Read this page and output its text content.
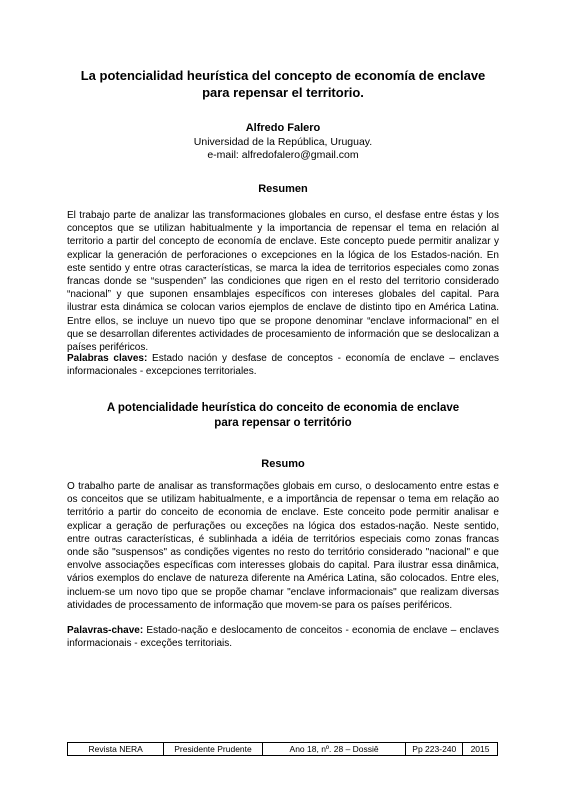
La potencialidad heurística del concepto de economía de enclave
para repensar el territorio.
Alfredo Falero
Universidad de la República, Uruguay.
e-mail: alfredofalero@gmail.com
Resumen

El trabajo parte de analizar las transformaciones globales en curso, el desfase entre éstas y los conceptos que se utilizan habitualmente y la importancia de repensar el tema en relación al territorio a partir del concepto de economía de enclave. Este concepto puede permitir analizar y explicar la generación de perforaciones o excepciones en la lógica de los Estados-nación. En este sentido y entre otras características, se marca la idea de territorios especiales como zonas francas donde se “suspenden” las condiciones que rigen en el resto del territorio considerado “nacional” y que suponen ensamblajes específicos con intereses globales del capital. Para ilustrar esta dinámica se colocan varios ejemplos de enclave de distinto tipo en América Latina. Entre ellos, se incluye un nuevo tipo que se propone denominar “enclave informacional” en el que se desarrollan diferentes actividades de procesamiento de información que se deslocalizan a países periféricos.

Palabras claves: Estado nación y desfase de conceptos - economía de enclave – enclaves informacionales - excepciones territoriales.

A potencialidade heurística do conceito de economia de enclave
para repensar o território
Resumo

O trabalho parte de analisar as transformações globais em curso, o deslocamento entre estas e os conceitos que se utilizam habitualmente, e a importância de repensar o tema em relação ao território a partir do conceito de economia de enclave. Este conceito pode permitir analisar e explicar a geração de perfurações ou exceções na lógica dos estados-nação. Neste sentido, entre outras características, é sublinhada a idéia de territórios especiais como zonas francas onde são "suspensos" as condições vigentes no resto do território considerado "nacional" e que envolve associações específicas com interesses globais do capital. Para ilustrar essa dinâmica, vários exemplos do enclave de natureza diferente na América Latina, são colocados. Entre eles, incluem-se um novo tipo que se propõe chamar "enclave informacionais" que realizam diversas atividades de processamento de informação que movem-se para os países periféricos.

Palavras-chave: Estado-nação e deslocamento de conceitos - economia de enclave – enclaves informacionais - exceções territoriais.

Revista NERA	Presidente Prudente	Ano 18, nº. 28 – Dossiê	Pp 223-240	2015
